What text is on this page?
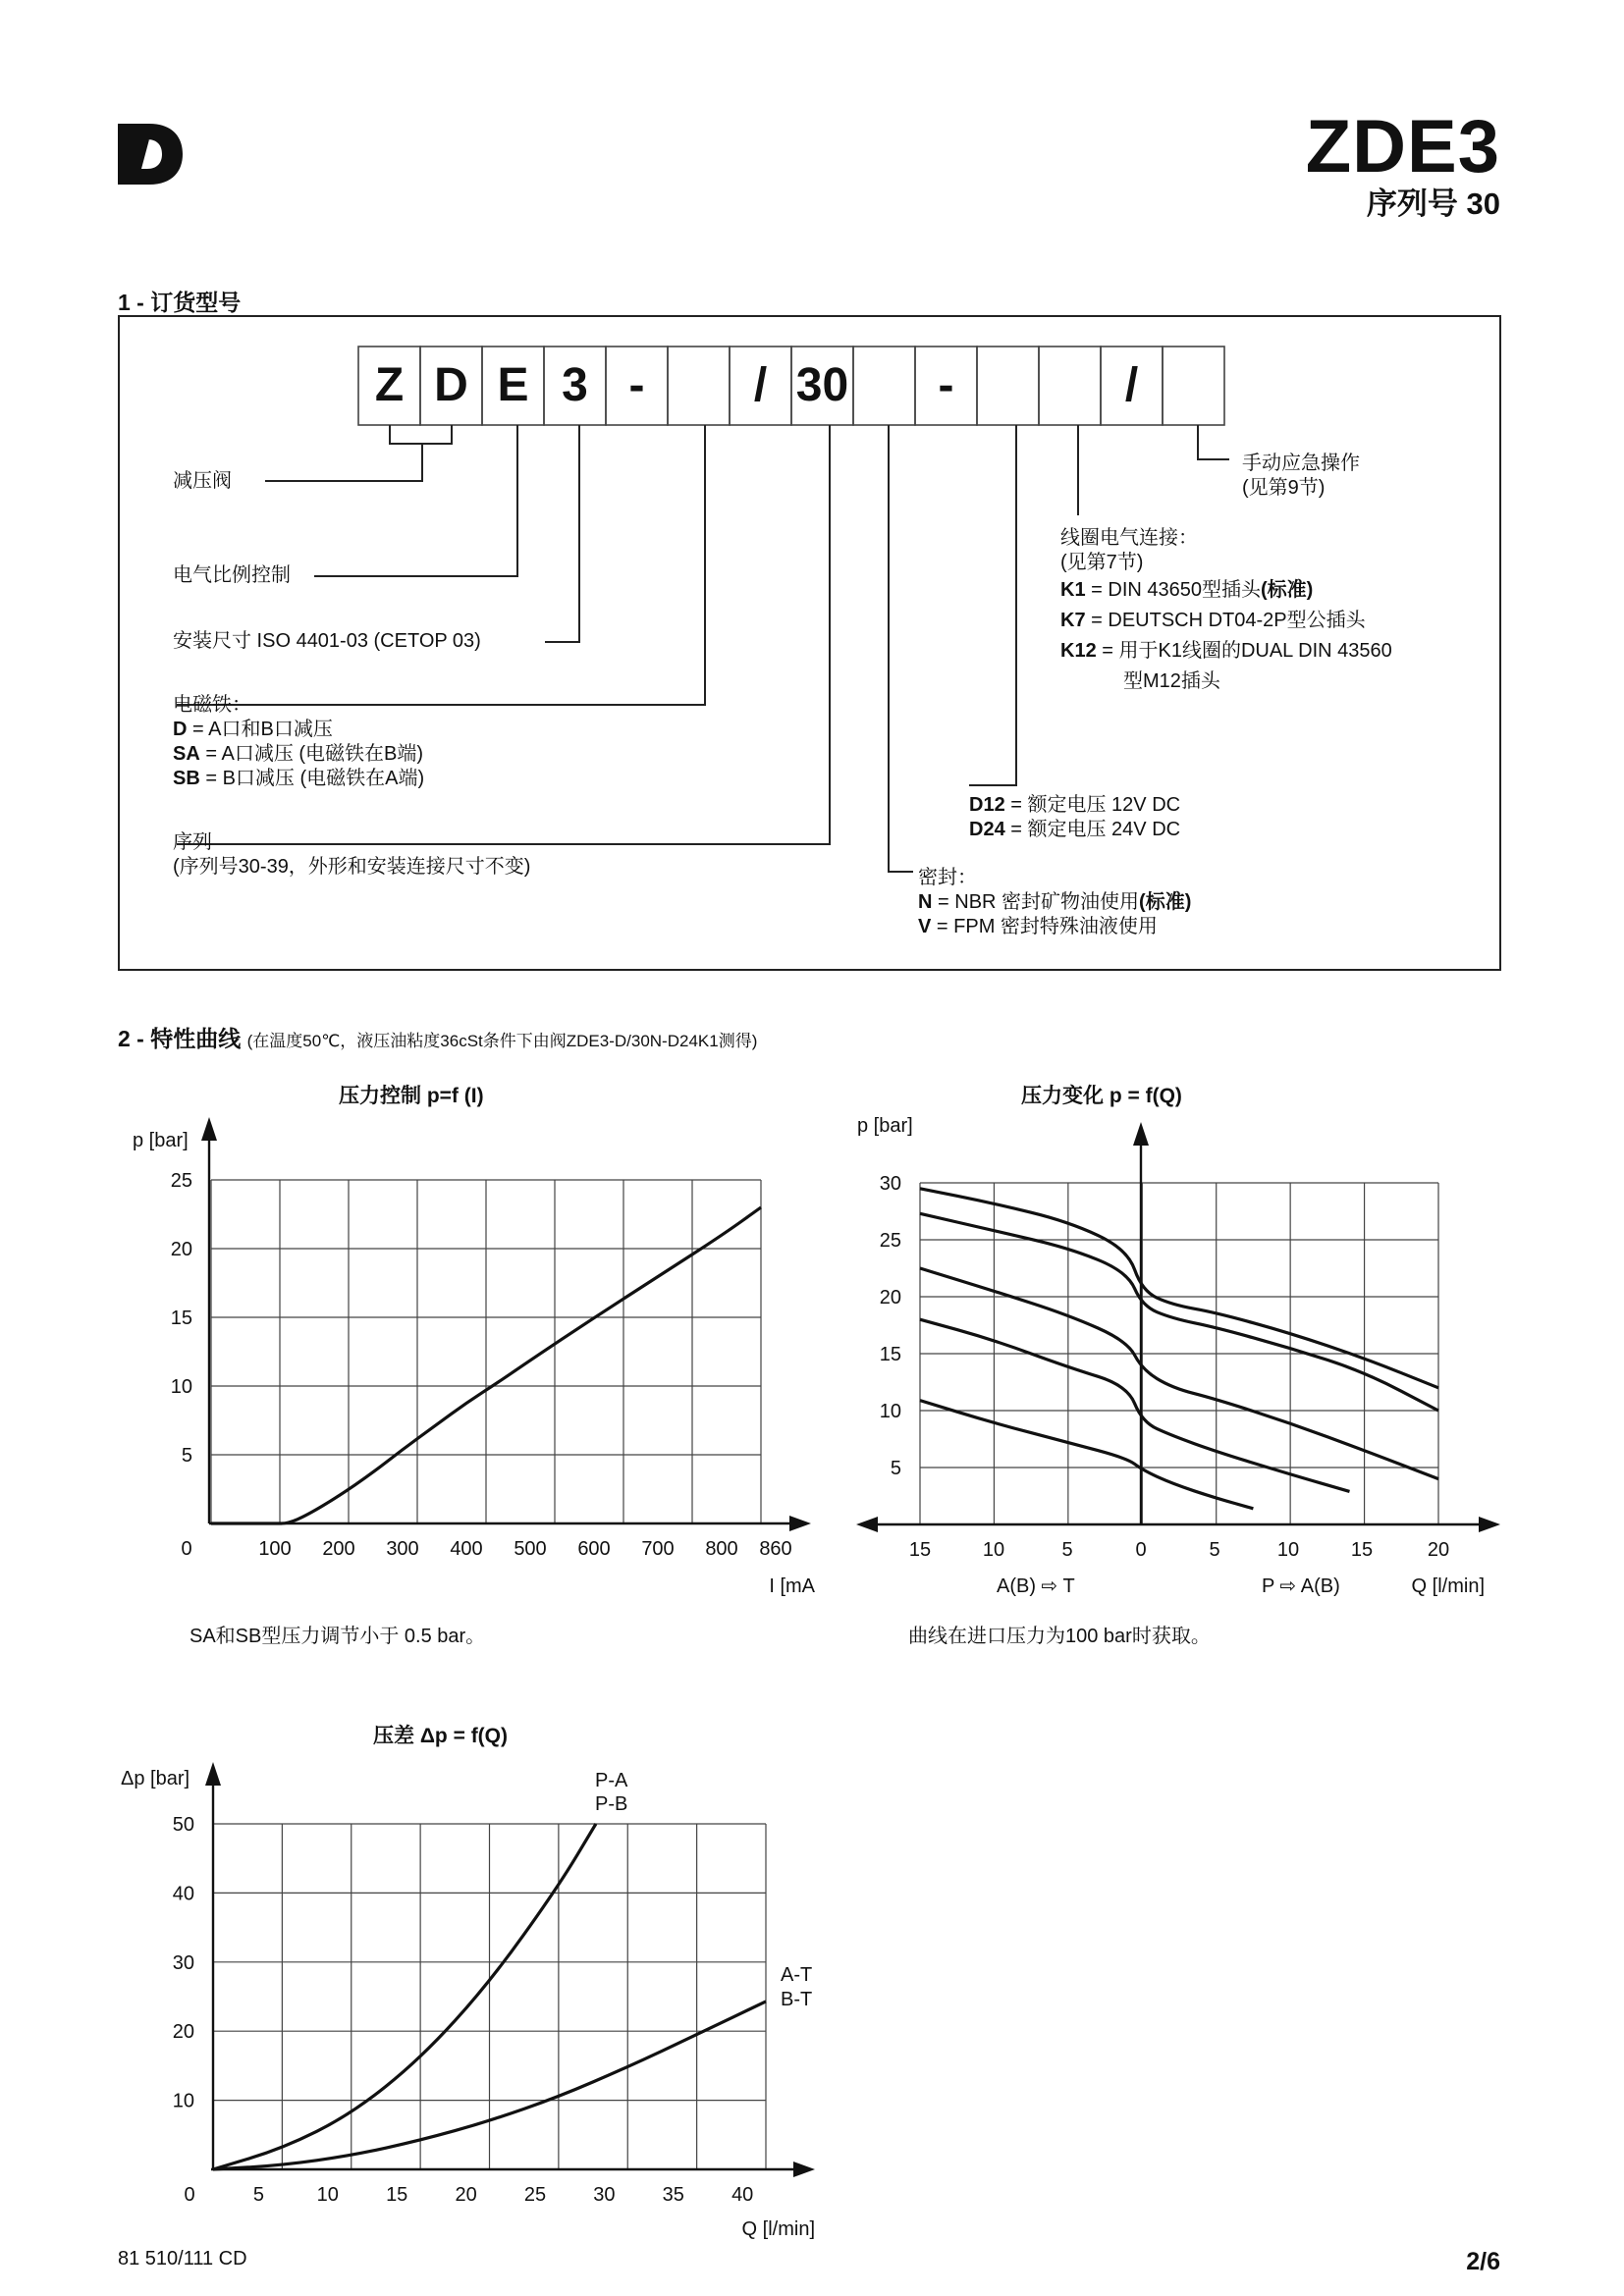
ZDE3
序列号 30
1 - 订货型号
Z D E 3 - / 30 -	/
减压阀
电气比例控制
安装尺寸 ISO 4401-03 (CETOP 03)
电磁铁：
D = A口和B口减压
SA = A口减压 (电磁铁在B端)
SB = B口减压 (电磁铁在A端)
序列
(序列号30-39，外形和安装连接尺寸不变)	密封：
N = NBR 密封矿物油使用(标准)
V = FPM 密封特殊油液使用
D12 = 额定电压 12V DC
D24 = 额定电压 24V DC
线圈电气连接：
(见第7节)
K1 = DIN 43650型插头(标准)
K7 = DEUTSCH DT04-2P型公插头
K12 = 用于K1线圈的DUAL DIN 43560
型M12插头
手动应急操作
(见第9节)
2 - 特性曲线 (在温度50℃，液压油粘度36cSt条件下由阀ZDE3-D/30N-D24K1测得)
压力控制 p=f (I)	压力变化 p = f(Q)
压差 Δp = f(Q)
SA和SB型压力调节小于 0.5 bar。	曲线在进口压力为100 bar时获取。
0	100 200 300 400 500 600 700 800 860
5
10
15
20
25
I [mA
p [bar]
15	10	5	0	5	10	15	20
5
10
15
20
25
30
Q [l/min]
p [bar]
A(B) ⇨ T	P ⇨ A(B)
0	5	10 15 20 25 30 35 40
10
20
30
40
50
Q [l/min]
Δp [bar]	P-A
P-B
A-T
B-T
81 510/111 CD	2/6
